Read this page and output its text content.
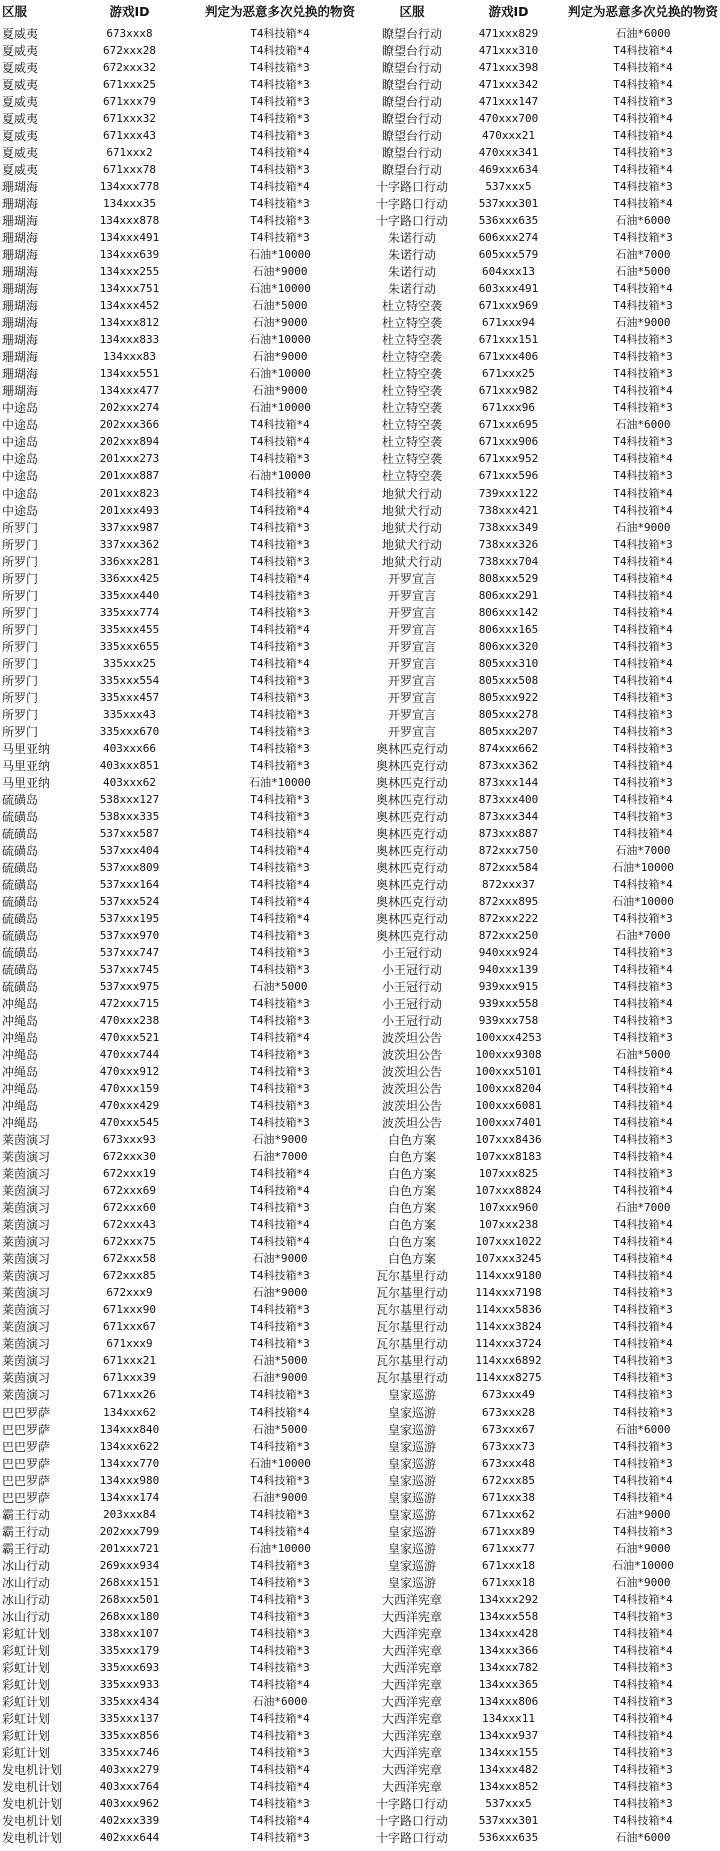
区服	游戏ID	判定为恶意多次兑换的物资	区服	游戏ID	判定为恶意多次兑换的物资
夏威夷	673xxx8	T4科技箱*4	瞭望台行动	471xxx829	石油*6000
夏威夷	672xxx28	T4科技箱*4	瞭望台行动	471xxx310	T4科技箱*4
夏威夷	672xxx32	T4科技箱*3	瞭望台行动	471xxx398	T4科技箱*4
夏威夷	671xxx25	T4科技箱*3	瞭望台行动	471xxx342	T4科技箱*4
夏威夷	671xxx79	T4科技箱*3	瞭望台行动	471xxx147	T4科技箱*3
夏威夷	671xxx32	T4科技箱*3	瞭望台行动	470xxx700	T4科技箱*4
夏威夷	671xxx43	T4科技箱*3	瞭望台行动	470xxx21	T4科技箱*4
夏威夷	671xxx2	T4科技箱*4	瞭望台行动	470xxx341	T4科技箱*3
夏威夷	671xxx78	T4科技箱*3	瞭望台行动	469xxx634	T4科技箱*4
珊瑚海	134xxx778	T4科技箱*4	十字路口行动	537xxx5	T4科技箱*3
珊瑚海	134xxx35	T4科技箱*3	十字路口行动	537xxx301	T4科技箱*4
珊瑚海	134xxx878	T4科技箱*3	十字路口行动	536xxx635	石油*6000
珊瑚海	134xxx491	T4科技箱*3	朱诺行动	606xxx274	T4科技箱*3
珊瑚海	134xxx639	石油*10000	朱诺行动	605xxx579	石油*7000
珊瑚海	134xxx255	石油*9000	朱诺行动	604xxx13	石油*5000
珊瑚海	134xxx751	石油*10000	朱诺行动	603xxx491	T4科技箱*4
珊瑚海	134xxx452	石油*5000	杜立特空袭	671xxx969	T4科技箱*3
珊瑚海	134xxx812	石油*9000	杜立特空袭	671xxx94	石油*9000
珊瑚海	134xxx833	石油*10000	杜立特空袭	671xxx151	T4科技箱*3
珊瑚海	134xxx83	石油*9000	杜立特空袭	671xxx406	T4科技箱*3
珊瑚海	134xxx551	石油*10000	杜立特空袭	671xxx25	T4科技箱*3
珊瑚海	134xxx477	石油*9000	杜立特空袭	671xxx982	T4科技箱*4
中途岛	202xxx274	石油*10000	杜立特空袭	671xxx96	T4科技箱*3
中途岛	202xxx366	T4科技箱*4	杜立特空袭	671xxx695	石油*6000
中途岛	202xxx894	T4科技箱*4	杜立特空袭	671xxx906	T4科技箱*3
中途岛	201xxx273	T4科技箱*3	杜立特空袭	671xxx952	T4科技箱*4
中途岛	201xxx887	石油*10000	杜立特空袭	671xxx596	T4科技箱*3
中途岛	201xxx823	T4科技箱*4	地狱犬行动	739xxx122	T4科技箱*4
中途岛	201xxx493	T4科技箱*4	地狱犬行动	738xxx421	T4科技箱*4
所罗门	337xxx987	T4科技箱*3	地狱犬行动	738xxx349	石油*9000
所罗门	337xxx362	T4科技箱*3	地狱犬行动	738xxx326	T4科技箱*3
所罗门	336xxx281	T4科技箱*3	地狱犬行动	738xxx704	T4科技箱*4
所罗门	336xxx425	T4科技箱*4	开罗宣言	808xxx529	T4科技箱*4
所罗门	335xxx440	T4科技箱*3	开罗宣言	806xxx291	T4科技箱*4
所罗门	335xxx774	T4科技箱*3	开罗宣言	806xxx142	T4科技箱*4
所罗门	335xxx455	T4科技箱*4	开罗宣言	806xxx165	T4科技箱*4
所罗门	335xxx655	T4科技箱*3	开罗宣言	806xxx320	T4科技箱*3
所罗门	335xxx25	T4科技箱*4	开罗宣言	805xxx310	T4科技箱*4
所罗门	335xxx554	T4科技箱*3	开罗宣言	805xxx508	T4科技箱*4
所罗门	335xxx457	T4科技箱*3	开罗宣言	805xxx922	T4科技箱*3
所罗门	335xxx43	T4科技箱*3	开罗宣言	805xxx278	T4科技箱*3
所罗门	335xxx670	T4科技箱*3	开罗宣言	805xxx207	T4科技箱*3
马里亚纳	403xxx66	T4科技箱*3	奥林匹克行动	874xxx662	T4科技箱*3
马里亚纳	403xxx851	T4科技箱*3	奥林匹克行动	873xxx362	T4科技箱*4
马里亚纳	403xxx62	石油*10000	奥林匹克行动	873xxx144	T4科技箱*3
硫磺岛	538xxx127	T4科技箱*3	奥林匹克行动	873xxx400	T4科技箱*4
硫磺岛	538xxx335	T4科技箱*3	奥林匹克行动	873xxx344	T4科技箱*3
硫磺岛	537xxx587	T4科技箱*4	奥林匹克行动	873xxx887	T4科技箱*4
硫磺岛	537xxx404	T4科技箱*4	奥林匹克行动	872xxx750	石油*7000
硫磺岛	537xxx809	T4科技箱*3	奥林匹克行动	872xxx584	石油*10000
硫磺岛	537xxx164	T4科技箱*4	奥林匹克行动	872xxx37	T4科技箱*4
硫磺岛	537xxx524	T4科技箱*4	奥林匹克行动	872xxx895	石油*10000
硫磺岛	537xxx195	T4科技箱*4	奥林匹克行动	872xxx222	T4科技箱*3
硫磺岛	537xxx970	T4科技箱*3	奥林匹克行动	872xxx250	石油*7000
硫磺岛	537xxx747	T4科技箱*3	小王冠行动	940xxx924	T4科技箱*3
硫磺岛	537xxx745	T4科技箱*3	小王冠行动	940xxx139	T4科技箱*4
硫磺岛	537xxx975	石油*5000	小王冠行动	939xxx915	T4科技箱*3
冲绳岛	472xxx715	T4科技箱*3	小王冠行动	939xxx558	T4科技箱*4
冲绳岛	470xxx238	T4科技箱*3	小王冠行动	939xxx758	T4科技箱*3
冲绳岛	470xxx521	T4科技箱*4	波茨坦公告	100xxx4253	T4科技箱*3
冲绳岛	470xxx744	T4科技箱*3	波茨坦公告	100xxx9308	石油*5000
冲绳岛	470xxx912	T4科技箱*3	波茨坦公告	100xxx5101	T4科技箱*4
冲绳岛	470xxx159	T4科技箱*3	波茨坦公告	100xxx8204	T4科技箱*4
冲绳岛	470xxx429	T4科技箱*3	波茨坦公告	100xxx6081	T4科技箱*4
冲绳岛	470xxx545	T4科技箱*3	波茨坦公告	100xxx7401	T4科技箱*4
莱茵演习	673xxx93	石油*9000	白色方案	107xxx8436	T4科技箱*3
莱茵演习	672xxx30	石油*7000	白色方案	107xxx8183	T4科技箱*4
莱茵演习	672xxx19	T4科技箱*4	白色方案	107xxx825	T4科技箱*3
莱茵演习	672xxx69	T4科技箱*4	白色方案	107xxx8824	T4科技箱*4
莱茵演习	672xxx60	T4科技箱*3	白色方案	107xxx960	石油*7000
莱茵演习	672xxx43	T4科技箱*4	白色方案	107xxx238	T4科技箱*4
莱茵演习	672xxx75	T4科技箱*4	白色方案	107xxx1022	T4科技箱*4
莱茵演习	672xxx58	石油*9000	白色方案	107xxx3245	T4科技箱*4
莱茵演习	672xxx85	T4科技箱*3	瓦尔基里行动	114xxx9180	T4科技箱*4
莱茵演习	672xxx9	石油*9000	瓦尔基里行动	114xxx7198	T4科技箱*3
莱茵演习	671xxx90	T4科技箱*3	瓦尔基里行动	114xxx5836	T4科技箱*3
莱茵演习	671xxx67	T4科技箱*3	瓦尔基里行动	114xxx3824	T4科技箱*4
莱茵演习	671xxx9	T4科技箱*3	瓦尔基里行动	114xxx3724	T4科技箱*4
莱茵演习	671xxx21	石油*5000	瓦尔基里行动	114xxx6892	T4科技箱*3
莱茵演习	671xxx39	石油*9000	瓦尔基里行动	114xxx8275	T4科技箱*3
莱茵演习	671xxx26	T4科技箱*3	皇家巡游	673xxx49	T4科技箱*3
巴巴罗萨	134xxx62	T4科技箱*4	皇家巡游	673xxx28	T4科技箱*3
巴巴罗萨	134xxx840	石油*5000	皇家巡游	673xxx67	石油*6000
巴巴罗萨	134xxx622	T4科技箱*3	皇家巡游	673xxx73	T4科技箱*3
巴巴罗萨	134xxx770	石油*10000	皇家巡游	673xxx48	T4科技箱*3
巴巴罗萨	134xxx980	T4科技箱*3	皇家巡游	672xxx85	T4科技箱*4
巴巴罗萨	134xxx174	石油*9000	皇家巡游	671xxx38	T4科技箱*4
霸王行动	203xxx84	T4科技箱*3	皇家巡游	671xxx62	石油*9000
霸王行动	202xxx799	T4科技箱*4	皇家巡游	671xxx89	T4科技箱*3
霸王行动	201xxx721	石油*10000	皇家巡游	671xxx77	石油*9000
冰山行动	269xxx934	T4科技箱*3	皇家巡游	671xxx18	石油*10000
冰山行动	268xxx151	T4科技箱*3	皇家巡游	671xxx18	石油*9000
冰山行动	268xxx501	T4科技箱*3	大西洋宪章	134xxx292	T4科技箱*4
冰山行动	268xxx180	T4科技箱*3	大西洋宪章	134xxx558	T4科技箱*3
彩虹计划	338xxx107	T4科技箱*3	大西洋宪章	134xxx428	T4科技箱*4
彩虹计划	335xxx179	T4科技箱*3	大西洋宪章	134xxx366	T4科技箱*4
彩虹计划	335xxx693	T4科技箱*3	大西洋宪章	134xxx782	T4科技箱*3
彩虹计划	335xxx933	T4科技箱*4	大西洋宪章	134xxx365	T4科技箱*4
彩虹计划	335xxx434	石油*6000	大西洋宪章	134xxx806	T4科技箱*3
彩虹计划	335xxx137	T4科技箱*4	大西洋宪章	134xxx11	T4科技箱*4
彩虹计划	335xxx856	T4科技箱*3	大西洋宪章	134xxx937	T4科技箱*4
彩虹计划	335xxx746	T4科技箱*3	大西洋宪章	134xxx155	T4科技箱*3
发电机计划	403xxx279	T4科技箱*4	大西洋宪章	134xxx482	T4科技箱*3
发电机计划	403xxx764	T4科技箱*4	大西洋宪章	134xxx852	T4科技箱*3
发电机计划	403xxx962	T4科技箱*3	十字路口行动	537xxx5	T4科技箱*3
发电机计划	402xxx339	T4科技箱*4	十字路口行动	537xxx301	T4科技箱*4
发电机计划	402xxx644	T4科技箱*3	十字路口行动	536xxx635	石油*6000
